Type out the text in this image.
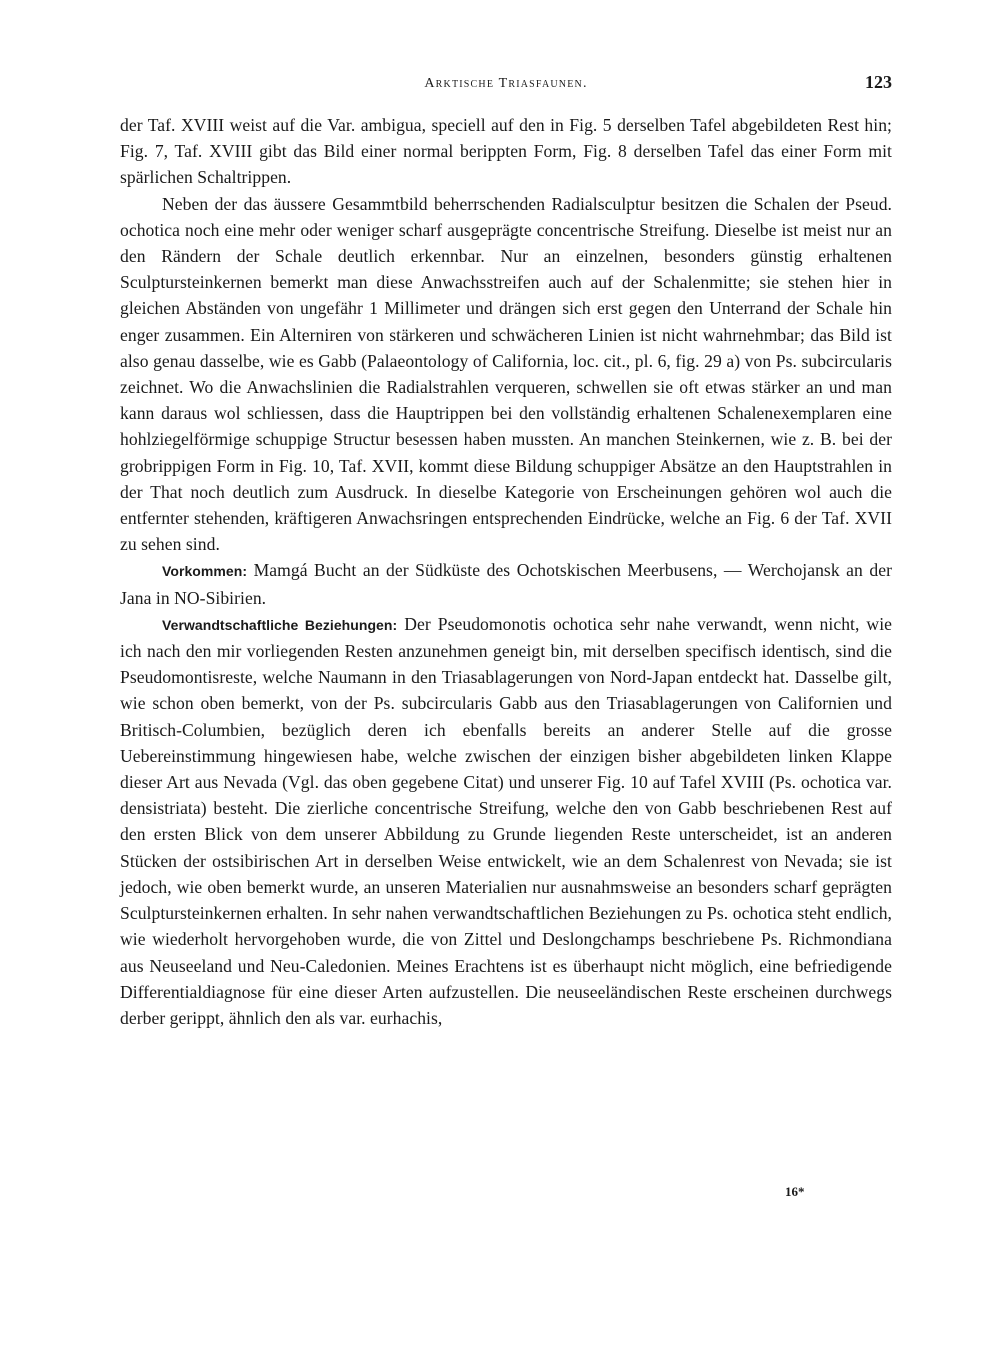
Arktische Triasfaunen.	123

der Taf. XVIII weist auf die Var. ambigua, speciell auf den in Fig. 5 derselben Tafel abgebildeten Rest hin; Fig. 7, Taf. XVIII gibt das Bild einer normal berippten Form, Fig. 8 derselben Tafel das einer Form mit spärlichen Schaltrippen.

Neben der das äussere Gesammtbild beherrschenden Radialsculptur besitzen die Schalen der Pseud. ochotica noch eine mehr oder weniger scharf ausgeprägte concentrische Streifung. Dieselbe ist meist nur an den Rändern der Schale deutlich erkennbar. Nur an einzelnen, besonders günstig erhaltenen Sculptursteinkernen bemerkt man diese Anwachsstreifen auch auf der Schalenmitte; sie stehen hier in gleichen Abständen von ungefähr 1 Millimeter und drängen sich erst gegen den Unterrand der Schale hin enger zusammen. Ein Alterniren von stärkeren und schwächeren Linien ist nicht wahrnehmbar; das Bild ist also genau dasselbe, wie es Gabb (Palaeontology of California, loc. cit., pl. 6, fig. 29 a) von Ps. subcircularis zeichnet. Wo die Anwachslinien die Radialstrahlen verqueren, schwellen sie oft etwas stärker an und man kann daraus wol schliessen, dass die Hauptrippen bei den vollständig erhaltenen Schalenexemplaren eine hohlziegelförmige schuppige Structur besessen haben mussten. An manchen Steinkernen, wie z. B. bei der grobrippigen Form in Fig. 10, Taf. XVII, kommt diese Bildung schuppiger Absätze an den Hauptstrahlen in der That noch deutlich zum Ausdruck. In dieselbe Kategorie von Erscheinungen gehören wol auch die entfernter stehenden, kräftigeren Anwachsringen entsprechenden Eindrücke, welche an Fig. 6 der Taf. XVII zu sehen sind.

Vorkommen: Mamgá Bucht an der Südküste des Ochotskischen Meerbusens, — Werchojansk an der Jana in NO-Sibirien.

Verwandtschaftliche Beziehungen: Der Pseudomonotis ochotica sehr nahe verwandt, wenn nicht, wie ich nach den mir vorliegenden Resten anzunehmen geneigt bin, mit derselben specifisch identisch, sind die Pseudomontisreste, welche Naumann in den Triasablagerungen von Nord-Japan entdeckt hat. Dasselbe gilt, wie schon oben bemerkt, von der Ps. subcircularis Gabb aus den Triasablagerungen von Californien und Britisch-Columbien, bezüglich deren ich ebenfalls bereits an anderer Stelle auf die grosse Uebereinstimmung hingewiesen habe, welche zwischen der einzigen bisher abgebildeten linken Klappe dieser Art aus Nevada (Vgl. das oben gegebene Citat) und unserer Fig. 10 auf Tafel XVIII (Ps. ochotica var. densistriata) besteht. Die zierliche concentrische Streifung, welche den von Gabb beschriebenen Rest auf den ersten Blick von dem unserer Abbildung zu Grunde liegenden Reste unterscheidet, ist an anderen Stücken der ostsibirischen Art in derselben Weise entwickelt, wie an dem Schalenrest von Nevada; sie ist jedoch, wie oben bemerkt wurde, an unseren Materialien nur ausnahmsweise an besonders scharf geprägten Sculptursteinkernen erhalten. In sehr nahen verwandtschaftlichen Beziehungen zu Ps. ochotica steht endlich, wie wiederholt hervorgehoben wurde, die von Zittel und Deslongchamps beschriebene Ps. Richmondiana aus Neuseeland und Neu-Caledonien. Meines Erachtens ist es überhaupt nicht möglich, eine befriedigende Differentialdiagnose für eine dieser Arten aufzustellen. Die neuseeländischen Reste erscheinen durchwegs derber gerippt, ähnlich den als var. eurhachis,

16*
